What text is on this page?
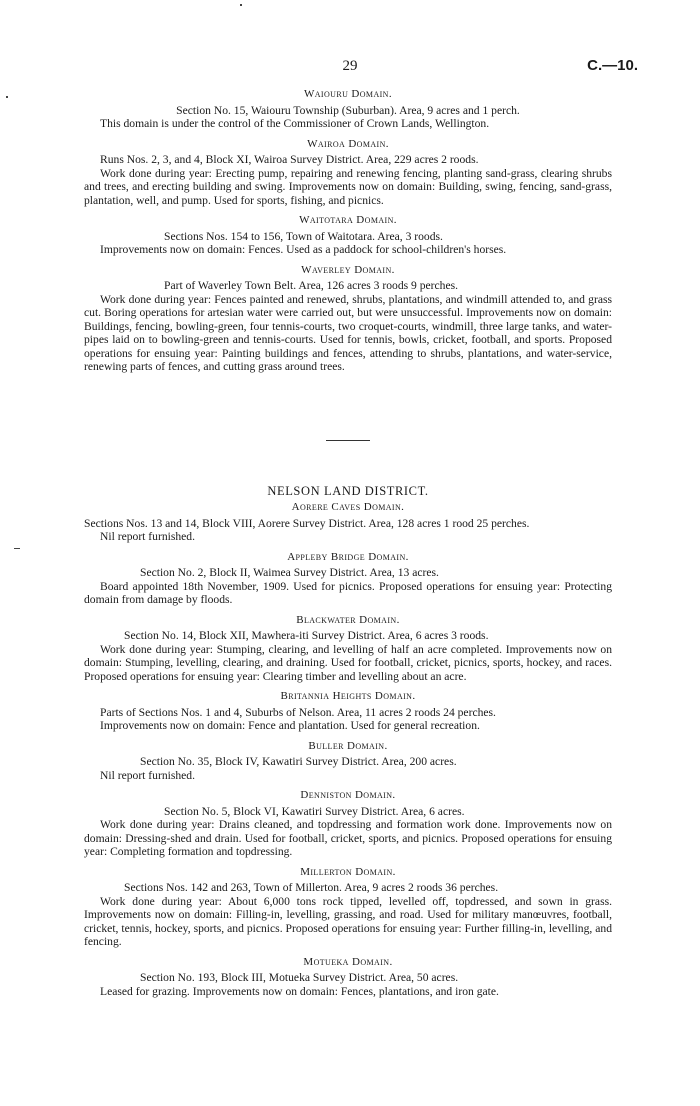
29	C.—10.
Waiouru Domain.
Section No. 15, Waiouru Township (Suburban). Area, 9 acres and 1 perch.
This domain is under the control of the Commissioner of Crown Lands, Wellington.
Wairoa Domain.
Runs Nos. 2, 3, and 4, Block XI, Wairoa Survey District. Area, 229 acres 2 roods.
Work done during year: Erecting pump, repairing and renewing fencing, planting sand-grass, clearing shrubs and trees, and erecting building and swing. Improvements now on domain: Building, swing, fencing, sand-grass, plantation, well, and pump. Used for sports, fishing, and picnics.
Waitotara Domain.
Sections Nos. 154 to 156, Town of Waitotara. Area, 3 roods.
Improvements now on domain: Fences. Used as a paddock for school-children's horses.
Waverley Domain.
Part of Waverley Town Belt. Area, 126 acres 3 roods 9 perches.
Work done during year: Fences painted and renewed, shrubs, plantations, and windmill attended to, and grass cut. Boring operations for artesian water were carried out, but were unsuccessful. Improvements now on domain: Buildings, fencing, bowling-green, four tennis-courts, two croquet-courts, windmill, three large tanks, and water-pipes laid on to bowling-green and tennis-courts. Used for tennis, bowls, cricket, football, and sports. Proposed operations for ensuing year: Painting buildings and fences, attending to shrubs, plantations, and water-service, renewing parts of fences, and cutting grass around trees.
NELSON LAND DISTRICT.
Aorere Caves Domain.
Sections Nos. 13 and 14, Block VIII, Aorere Survey District. Area, 128 acres 1 rood 25 perches.
Nil report furnished.
Appleby Bridge Domain.
Section No. 2, Block II, Waimea Survey District. Area, 13 acres.
Board appointed 18th November, 1909. Used for picnics. Proposed operations for ensuing year: Protecting domain from damage by floods.
Blackwater Domain.
Section No. 14, Block XII, Mawhera-iti Survey District. Area, 6 acres 3 roods.
Work done during year: Stumping, clearing, and levelling of half an acre completed. Improvements now on domain: Stumping, levelling, clearing, and draining. Used for football, cricket, picnics, sports, hockey, and races. Proposed operations for ensuing year: Clearing timber and levelling about an acre.
Britannia Heights Domain.
Parts of Sections Nos. 1 and 4, Suburbs of Nelson. Area, 11 acres 2 roods 24 perches.
Improvements now on domain: Fence and plantation. Used for general recreation.
Buller Domain.
Section No. 35, Block IV, Kawatiri Survey District. Area, 200 acres.
Nil report furnished.
Denniston Domain.
Section No. 5, Block VI, Kawatiri Survey District. Area, 6 acres.
Work done during year: Drains cleaned, and topdressing and formation work done. Improvements now on domain: Dressing-shed and drain. Used for football, cricket, sports, and picnics. Proposed operations for ensuing year: Completing formation and topdressing.
Millerton Domain.
Sections Nos. 142 and 263, Town of Millerton. Area, 9 acres 2 roods 36 perches.
Work done during year: About 6,000 tons rock tipped, levelled off, topdressed, and sown in grass. Improvements now on domain: Filling-in, levelling, grassing, and road. Used for military manœuvres, football, cricket, tennis, hockey, sports, and picnics. Proposed operations for ensuing year: Further filling-in, levelling, and fencing.
Motueka Domain.
Section No. 193, Block III, Motueka Survey District. Area, 50 acres.
Leased for grazing. Improvements now on domain: Fences, plantations, and iron gate.
